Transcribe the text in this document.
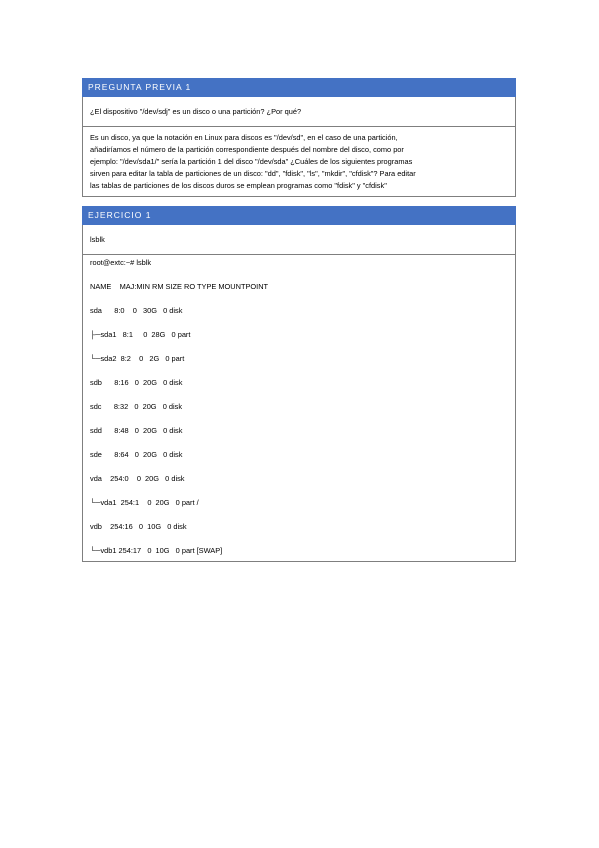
PREGUNTA PREVIA 1
¿El dispositivo "/dev/sdj" es un disco o una partición? ¿Por qué?
Es un disco, ya que la notación en Linux para discos es "/dev/sd", en el caso de una partición,
añadiríamos el número de la partición correspondiente después del nombre del disco, como por
ejemplo: "/dev/sda1/" sería la partición 1 del disco "/dev/sda" ¿Cuáles de los siguientes programas
sirven para editar la tabla de particiones de un disco: "dd", "fdisk", "ls", "mkdir", "cfdisk"? Para editar
las tablas de particiones de los discos duros se emplean programas como "fdisk" y "cfdisk"
EJERCICIO 1
lsblk
root@extc:~# lsblk
NAME    MAJ:MIN RM SIZE RO TYPE MOUNTPOINT
sda      8:0    0   30G   0 disk
├─sda1   8:1     0  28G   0 part
└─sda2  8:2    0   2G   0 part
sdb      8:16   0  20G   0 disk
sdc      8:32   0  20G   0 disk
sdd      8:48   0  20G   0 disk
sde      8:64   0  20G   0 disk
vda    254:0    0  20G   0 disk
└─vda1  254:1    0  20G   0 part /
vdb    254:16   0  10G   0 disk
└─vdb1 254:17   0  10G   0 part [SWAP]
